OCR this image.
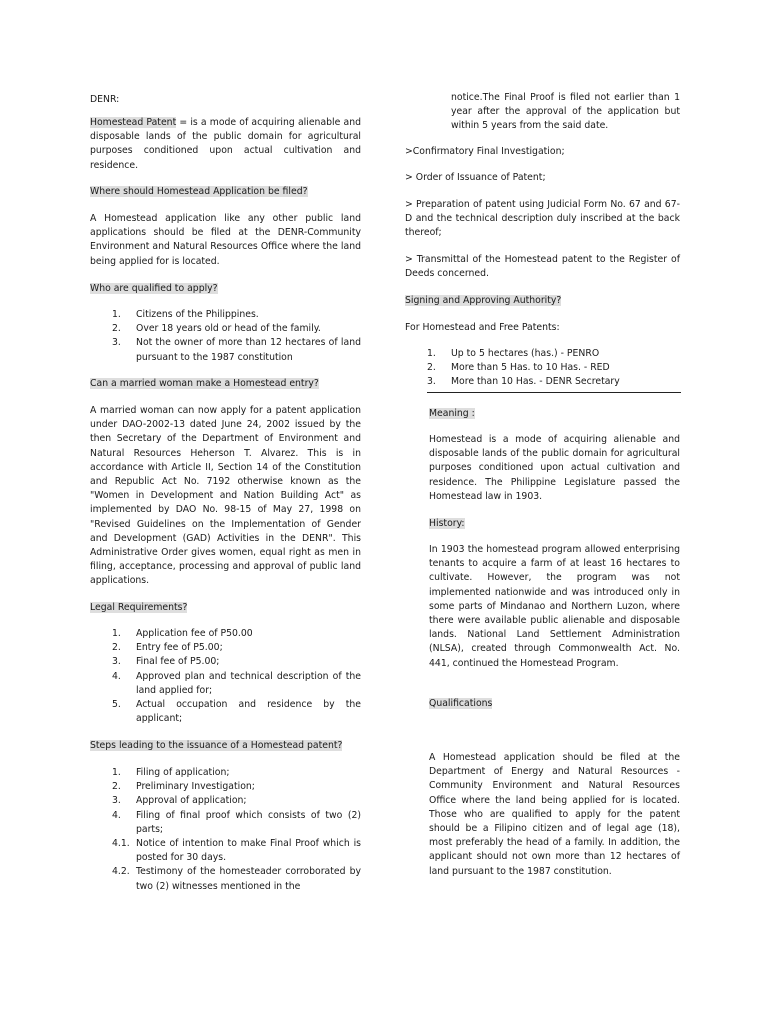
DENR:

Homestead Patent = is a mode of acquiring alienable and disposable lands of the public domain for agricultural purposes conditioned upon actual cultivation and residence.

Where should Homestead Application be filed?

A Homestead application like any other public land applications should be filed at the DENR-Community Environment and Natural Resources Office where the land being applied for is located.

Who are qualified to apply?

1. Citizens of the Philippines.
2. Over 18 years old or head of the family.
3. Not the owner of more than 12 hectares of land pursuant to the 1987 constitution

Can a married woman make a Homestead entry?

A married woman can now apply for a patent application under DAO-2002-13 dated June 24, 2002 issued by the then Secretary of the Department of Environment and Natural Resources Heherson T. Alvarez. This is in accordance with Article II, Section 14 of the Constitution and Republic Act No. 7192 otherwise known as the "Women in Development and Nation Building Act" as implemented by DAO No. 98-15 of May 27, 1998 on "Revised Guidelines on the Implementation of Gender and Development (GAD) Activities in the DENR". This Administrative Order gives women, equal right as men in filing, acceptance, processing and approval of public land applications.

Legal Requirements?

1. Application fee of P50.00
2. Entry fee of P5.00;
3. Final fee of P5.00;
4. Approved plan and technical description of the land applied for;
5. Actual occupation and residence by the applicant;

Steps leading to the issuance of a Homestead patent?

1. Filing of application;
2. Preliminary Investigation;
3. Approval of application;
4. Filing of final proof which consists of two (2) parts;
4.1. Notice of intention to make Final Proof which is posted for 30 days.
4.2. Testimony of the homesteader corroborated by two (2) witnesses mentioned in the

notice.The Final Proof is filed not earlier than 1 year after the approval of the application but within 5 years from the said date.

>Confirmatory Final Investigation;

> Order of Issuance of Patent;

> Preparation of patent using Judicial Form No. 67 and 67-D and the technical description duly inscribed at the back thereof;

> Transmittal of the Homestead patent to the Register of Deeds concerned.

Signing and Approving Authority?

For Homestead and Free Patents:

1. Up to 5 hectares (has.) - PENRO
2. More than 5 Has. to 10 Has. - RED
3. More than 10 Has. - DENR Secretary

Meaning :

Homestead is a mode of acquiring alienable and disposable lands of the public domain for agricultural purposes conditioned upon actual cultivation and residence. The Philippine Legislature passed the Homestead law in 1903.

History:

In 1903 the homestead program allowed enterprising tenants to acquire a farm of at least 16 hectares to cultivate. However, the program was not implemented nationwide and was introduced only in some parts of Mindanao and Northern Luzon, where there were available public alienable and disposable lands. National Land Settlement Administration (NLSA), created through Commonwealth Act. No. 441, continued the Homestead Program.

Qualifications

A Homestead application should be filed at the Department of Energy and Natural Resources - Community Environment and Natural Resources Office where the land being applied for is located. Those who are qualified to apply for the patent should be a Filipino citizen and of legal age (18), most preferably the head of a family. In addition, the applicant should not own more than 12 hectares of land pursuant to the 1987 constitution.
